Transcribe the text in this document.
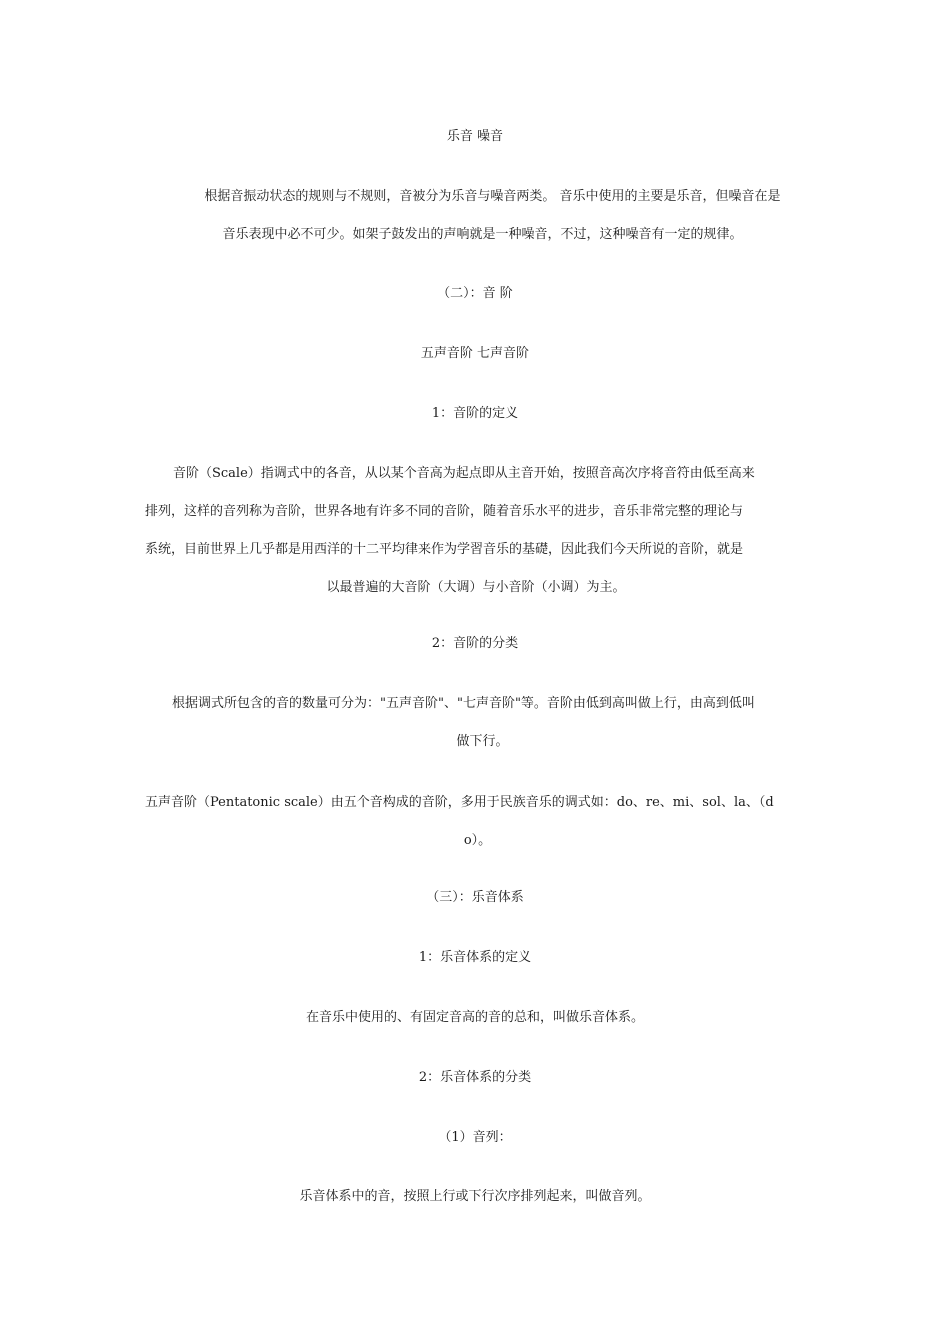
乐音 噪音
根据音振动状态的规则与不规则，音被分为乐音与噪音两类。 音乐中使用的主要是乐音，但噪音在是
音乐表现中必不可少。如架子鼓发出的声响就是一种噪音，不过，这种噪音有一定的规律。
（二）：音 阶
五声音阶 七声音阶
1：音阶的定义
音阶（Scale）指调式中的各音，从以某个音高为起点即从主音开始，按照音高次序将音符由低至高来
排列，这样的音列称为音阶，世界各地有许多不同的音阶，随着音乐水平的进步，音乐非常完整的理论与
系统，目前世界上几乎都是用西洋的十二平均律来作为学習音乐的基礎，因此我们今天所说的音阶，就是
以最普遍的大音阶（大调）与小音阶（小调）为主。
2：音阶的分类
根据调式所包含的音的数量可分为："五声音阶"、"七声音阶"等。音阶由低到高叫做上行，由高到低叫
做下行。
五声音阶（Pentatonic scale）由五个音构成的音阶，多用于民族音乐的调式如：do、re、mi、sol、la、（d
o）。
（三）：乐音体系
1：乐音体系的定义
在音乐中使用的、有固定音高的音的总和，叫做乐音体系。
2：乐音体系的分类
（1）音列：
乐音体系中的音，按照上行或下行次序排列起来，叫做音列。
